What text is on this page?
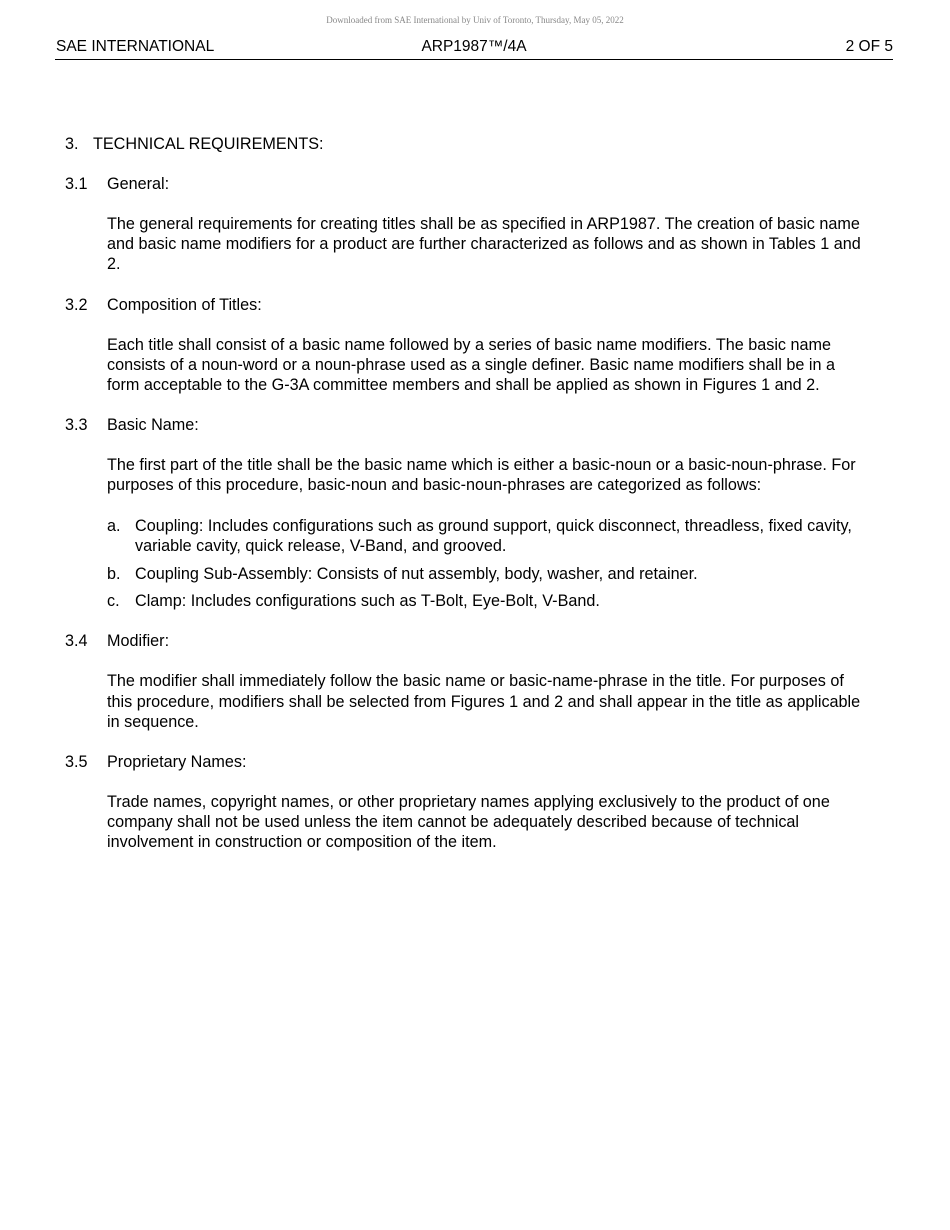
Downloaded from SAE International by Univ of Toronto, Thursday, May 05, 2022
SAE INTERNATIONAL	ARP1987™/4A	2 OF 5
3. TECHNICAL REQUIREMENTS:
3.1 General:
The general requirements for creating titles shall be as specified in ARP1987. The creation of basic name and basic name modifiers for a product are further characterized as follows and as shown in Tables 1 and 2.
3.2 Composition of Titles:
Each title shall consist of a basic name followed by a series of basic name modifiers. The basic name consists of a noun-word or a noun-phrase used as a single definer. Basic name modifiers shall be in a form acceptable to the G-3A committee members and shall be applied as shown in Figures 1 and 2.
3.3 Basic Name:
The first part of the title shall be the basic name which is either a basic-noun or a basic-noun-phrase. For purposes of this procedure, basic-noun and basic-noun-phrases are categorized as follows:
a. Coupling: Includes configurations such as ground support, quick disconnect, threadless, fixed cavity, variable cavity, quick release, V-Band, and grooved.
b. Coupling Sub-Assembly: Consists of nut assembly, body, washer, and retainer.
c. Clamp: Includes configurations such as T-Bolt, Eye-Bolt, V-Band.
3.4 Modifier:
The modifier shall immediately follow the basic name or basic-name-phrase in the title. For purposes of this procedure, modifiers shall be selected from Figures 1 and 2 and shall appear in the title as applicable in sequence.
3.5 Proprietary Names:
Trade names, copyright names, or other proprietary names applying exclusively to the product of one company shall not be used unless the item cannot be adequately described because of technical involvement in construction or composition of the item.
